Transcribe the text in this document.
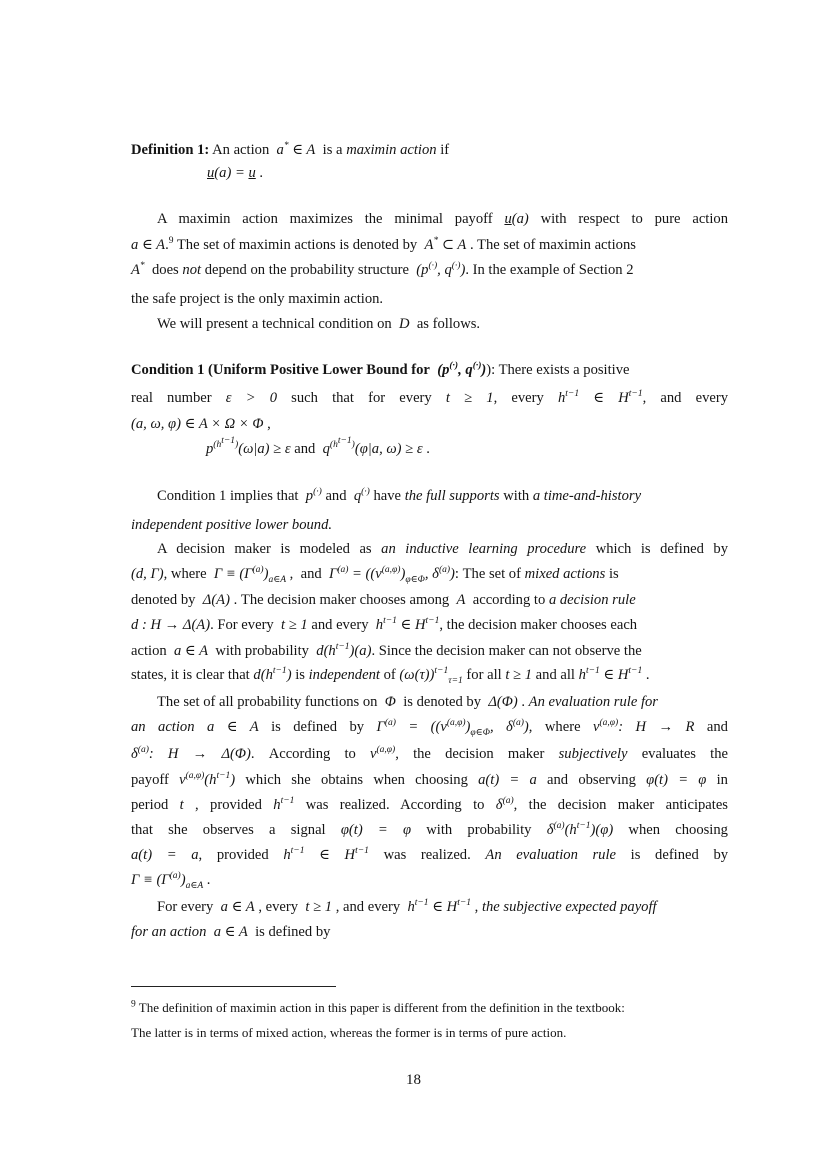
Definition 1: An action a* ∈ A is a maximin action if
u(a) = u .
A maximin action maximizes the minimal payoff u(a) with respect to pure action
a ∈ A.$^9$ The set of maximin actions is denoted by A* ⊂ A . The set of maximin actions
A* does not depend on the probability structure (p(·), q(·)). In the example of Section 2
the safe project is the only maximin action.
We will present a technical condition on D as follows.
Condition 1 (Uniform Positive Lower Bound for (p(·), q(·))): There exists a positive
real number ε > 0 such that for every t ≥ 1, every $h^{t-1}$ ∈ $H^{t-1}$, and every
(a, ω, φ) ∈ A × Ω × Φ ,
$p^{(h^{t-1})}(\omega|a) \ge \varepsilon$ and $q^{(h^{t-1})}(\varphi|a$, ω) ≥ ε .
Condition 1 implies that p(·) and q(·) have the full supports with a time-and-history
independent positive lower bound.
A decision maker is modeled as an inductive learning procedure which is defined by
(d, Γ), where $\Gamma \equiv (\Gamma^{(a)})_{a\in A}$ ,  and $\Gamma^{(a)} = ((v^{(a,\varphi)})_{\varphi\in\Phi}$, $\delta^{(a)}$): The set of mixed actions is
denoted by Δ(A) . The decision maker chooses among A according to a decision rule
d : H → Δ(A). For every t ≥ 1 and every $h^{t-1}$ ∈ $H^{t-1}$, the decision maker chooses each
action a ∈ A with probability $d(h^{t-1})(a)$. Since the decision maker can not observe the
states, it is clear that $d(h^{t-1})$ is independent of $(\omega(\tau))^{t-1}_{\tau=1}$ for all t ≥ 1 and all $h^{t-1}$ ∈ $H^{t-1}$ .
The set of all probability functions on Φ is denoted by Δ(Φ) . An evaluation rule for
an action a ∈ A is defined by $\Gamma^{(a)} = ((v^{(a,\varphi)})_{\varphi\in\Phi}$, $\delta^{(a)}$), where $v^{(a,\varphi)}$: H → R and
$\delta^{(a)}$: H → Δ(Φ). According to $v^{(a,\varphi)}$, the decision maker subjectively evaluates the
payoff $v^{(a,\varphi)}(h^{t-1})$ which she obtains when choosing a(t) = a and observing φ(t) = φ in
period t , provided $h^{t-1}$ was realized. According to $\delta^{(a)}$, the decision maker anticipates
that she observes a signal φ(t) = φ with probability $\delta^{(a)}(h^{t-1})(\varphi)$ when choosing
a(t) = a, provided $h^{t-1}$ ∈ $H^{t-1}$ was realized. An evaluation rule is defined by
$\Gamma \equiv (\Gamma^{(a)})_{a\in A}$ .
For every a ∈ A , every t ≥ 1 , and every $h^{t-1}$ ∈ $H^{t-1}$ , the subjective expected payoff
for an action a ∈ A is defined by
$^9$ The definition of maximin action in this paper is different from the definition in the textbook:
The latter is in terms of mixed action, whereas the former is in terms of pure action.
18
